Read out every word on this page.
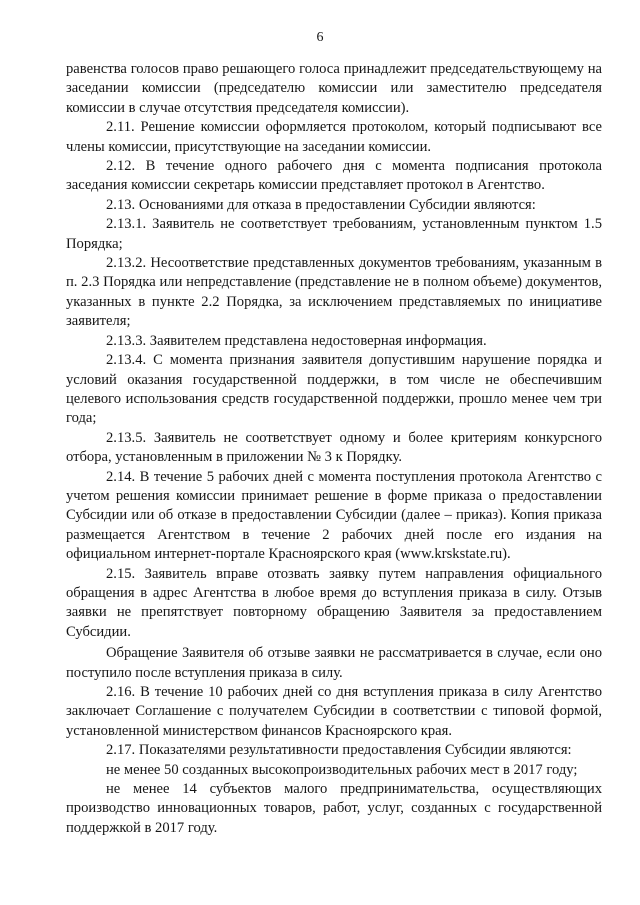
6

равенства голосов право решающего голоса принадлежит председательствующему на заседании комиссии (председателю комиссии или заместителю председателя комиссии в случае отсутствия председателя комиссии).

2.11. Решение комиссии оформляется протоколом, который подписывают все члены комиссии, присутствующие на заседании комиссии.

2.12. В течение одного рабочего дня с момента подписания протокола заседания комиссии секретарь комиссии представляет протокол в Агентство.

2.13. Основаниями для отказа в предоставлении Субсидии являются:

2.13.1. Заявитель не соответствует требованиям, установленным пунктом 1.5 Порядка;

2.13.2. Несоответствие представленных документов требованиям, указанным в п. 2.3 Порядка или непредставление (представление не в полном объеме) документов, указанных в пункте 2.2 Порядка, за исключением представляемых по инициативе заявителя;

2.13.3. Заявителем представлена недостоверная информация.

2.13.4. С момента признания заявителя допустившим нарушение порядка и условий оказания государственной поддержки, в том числе не обеспечившим целевого использования средств государственной поддержки, прошло менее чем три года;

2.13.5. Заявитель не соответствует одному и более критериям конкурсного отбора, установленным в приложении № 3 к Порядку.

2.14. В течение 5 рабочих дней с момента поступления протокола Агентство с учетом решения комиссии принимает решение в форме приказа о предоставлении Субсидии или об отказе в предоставлении Субсидии (далее – приказ). Копия приказа размещается Агентством в течение 2 рабочих дней после его издания на официальном интернет-портале Красноярского края (www.krskstate.ru).

2.15. Заявитель вправе отозвать заявку путем направления официального обращения в адрес Агентства в любое время до вступления приказа в силу. Отзыв заявки не препятствует повторному обращению Заявителя за предоставлением Субсидии.

Обращение Заявителя об отзыве заявки не рассматривается в случае, если оно поступило после вступления приказа в силу.

2.16. В течение 10 рабочих дней со дня вступления приказа в силу Агентство заключает Соглашение с получателем Субсидии в соответствии с типовой формой, установленной министерством финансов Красноярского края.

2.17. Показателями результативности предоставления Субсидии являются:

не менее 50 созданных высокопроизводительных рабочих мест в 2017 году;

не менее 14 субъектов малого предпринимательства, осуществляющих производство инновационных товаров, работ, услуг, созданных с государственной поддержкой в 2017 году.
